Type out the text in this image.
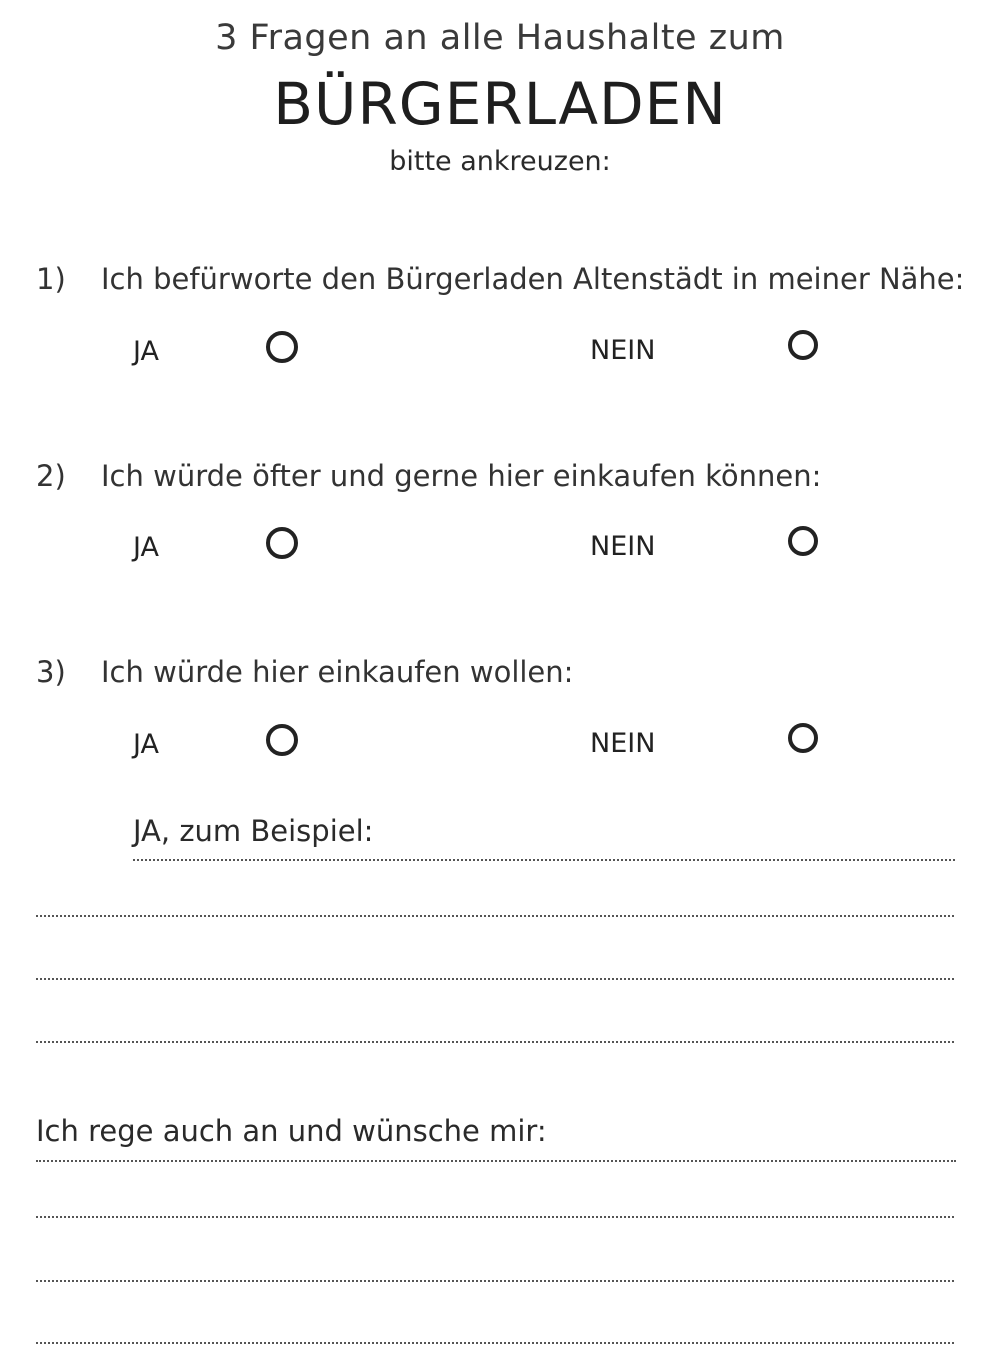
3 Fragen an alle Haushalte zum
BÜRGERLADEN
bitte ankreuzen:
1) Ich befürworte den Bürgerladen Altenstädt in meiner Nähe:
JA	NEIN
2) Ich würde öfter und gerne hier einkaufen können:
JA	NEIN
3) Ich würde hier einkaufen wollen:
JA	NEIN
JA, zum Beispiel:
Ich rege auch an und wünsche mir:
